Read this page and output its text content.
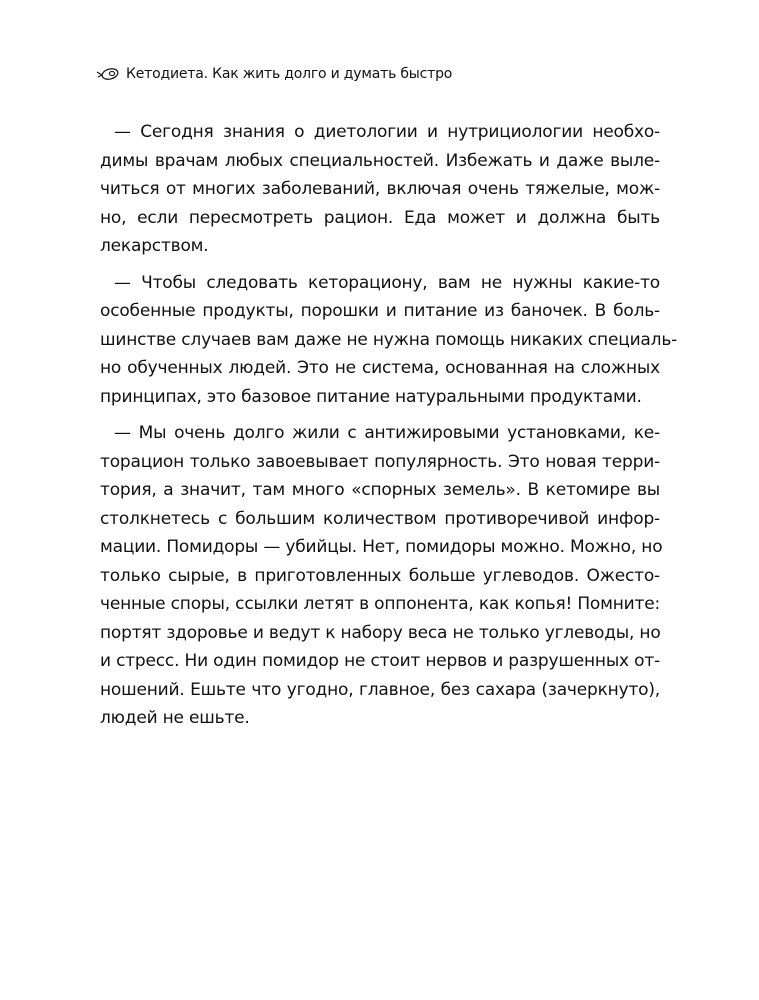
Кетодиета. Как жить долго и думать быстро

— Сегодня знания о диетологии и нутрициологии необхо-
димы врачам любых специальностей. Избежать и даже выле-
читься от многих заболеваний, включая очень тяжелые, мож-
но, если пересмотреть рацион. Еда может и должна быть
лекарством.

— Чтобы следовать кеторациону, вам не нужны какие-то
особенные продукты, порошки и питание из баночек. В боль-
шинстве случаев вам даже не нужна помощь никаких специаль-
но обученных людей. Это не система, основанная на сложных
принципах, это базовое питание натуральными продуктами.

— Мы очень долго жили с антижировыми установками, ке-
торацион только завоевывает популярность. Это новая терри-
тория, а значит, там много «спорных земель». В кетомире вы
столкнетесь с большим количеством противоречивой инфор-
мации. Помидоры — убийцы. Нет, помидоры можно. Можно, но
только сырые, в приготовленных больше углеводов. Ожесто-
ченные споры, ссылки летят в оппонента, как копья! Помните:
портят здоровье и ведут к набору веса не только углеводы, но
и стресс. Ни один помидор не стоит нервов и разрушенных от-
ношений. Ешьте что угодно, главное, без сахара (зачеркнуто),
людей не ешьте.
